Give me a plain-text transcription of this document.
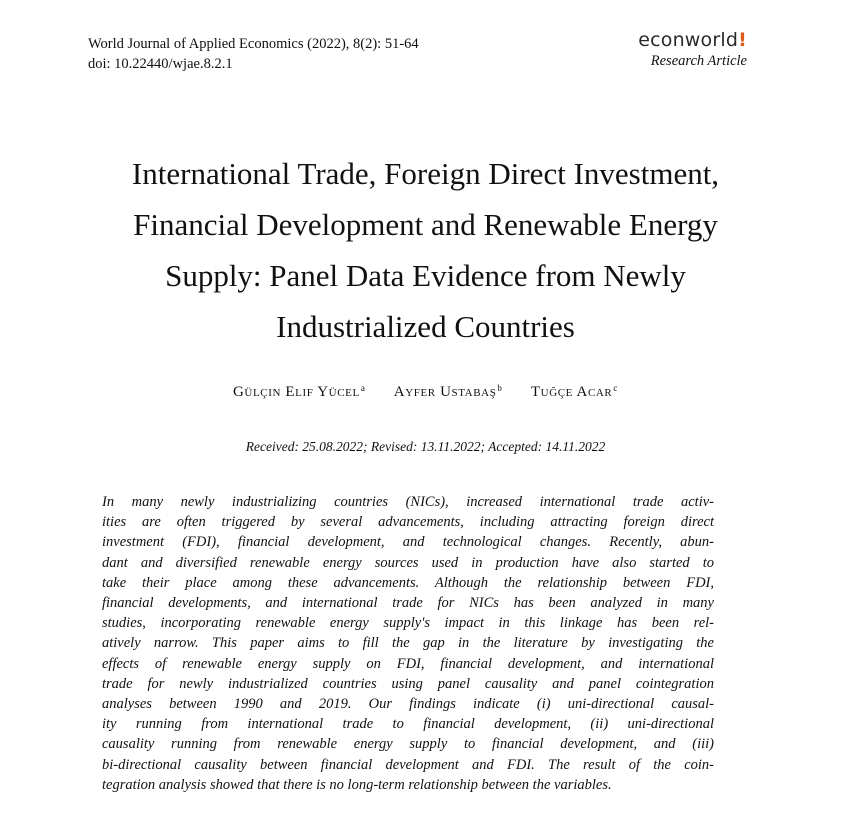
World Journal of Applied Economics (2022), 8(2): 51-64
doi: 10.22440/wjae.8.2.1
econworld!
Research Article
International Trade, Foreign Direct Investment,
Financial Development and Renewable Energy
Supply: Panel Data Evidence from Newly
Industrialized Countries
Gülçin Elif Yücel$^a$ Ayfer Ustabaş$^b$ Tuğçe Acar$^c$
Received: 25.08.2022; Revised: 13.11.2022; Accepted: 14.11.2022
In many newly industrializing countries (NICs), increased international trade activ-
ities are often triggered by several advancements, including attracting foreign direct
investment (FDI), financial development, and technological changes. Recently, abun-
dant and diversified renewable energy sources used in production have also started to
take their place among these advancements. Although the relationship between FDI,
financial developments, and international trade for NICs has been analyzed in many
studies, incorporating renewable energy supply's impact in this linkage has been rel-
atively narrow. This paper aims to fill the gap in the literature by investigating the
effects of renewable energy supply on FDI, financial development, and international
trade for newly industrialized countries using panel causality and panel cointegration
analyses between 1990 and 2019. Our findings indicate (i) uni-directional causal-
ity running from international trade to financial development, (ii) uni-directional
causality running from renewable energy supply to financial development, and (iii)
bi-directional causality between financial development and FDI. The result of the coin-
tegration analysis showed that there is no long-term relationship between the variables.
